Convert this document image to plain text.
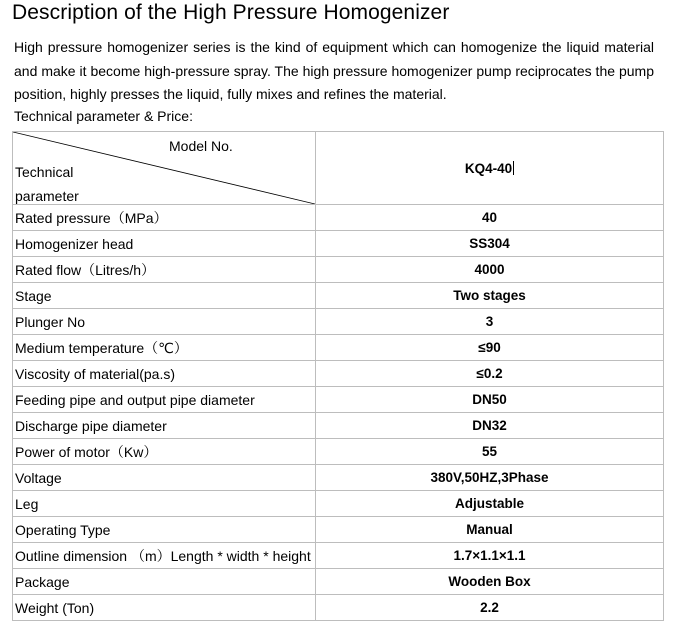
Description of the High Pressure Homogenizer

High pressure homogenizer series is the kind of equipment which can homogenize the liquid material and make it become high-pressure spray. The high pressure homogenizer pump reciprocates the pump position, highly presses the liquid, fully mixes and refines the material.

Technical parameter & Price:

Model No.
Technical parameter	KQ4-40
Rated pressure（MPa）	40
Homogenizer head	SS304
Rated flow（Litres/h）	4000
Stage	Two stages
Plunger No	3
Medium temperature（℃）	≤90
Viscosity of material(pa.s)	≤0.2
Feeding pipe and output pipe diameter	DN50
Discharge pipe diameter	DN32
Power of motor（Kw）	55
Voltage	380V,50HZ,3Phase
Leg	Adjustable
Operating Type	Manual
Outline dimension （m）Length * width * height	1.7×1.1×1.1
Package	Wooden Box
Weight (Ton)	2.2
